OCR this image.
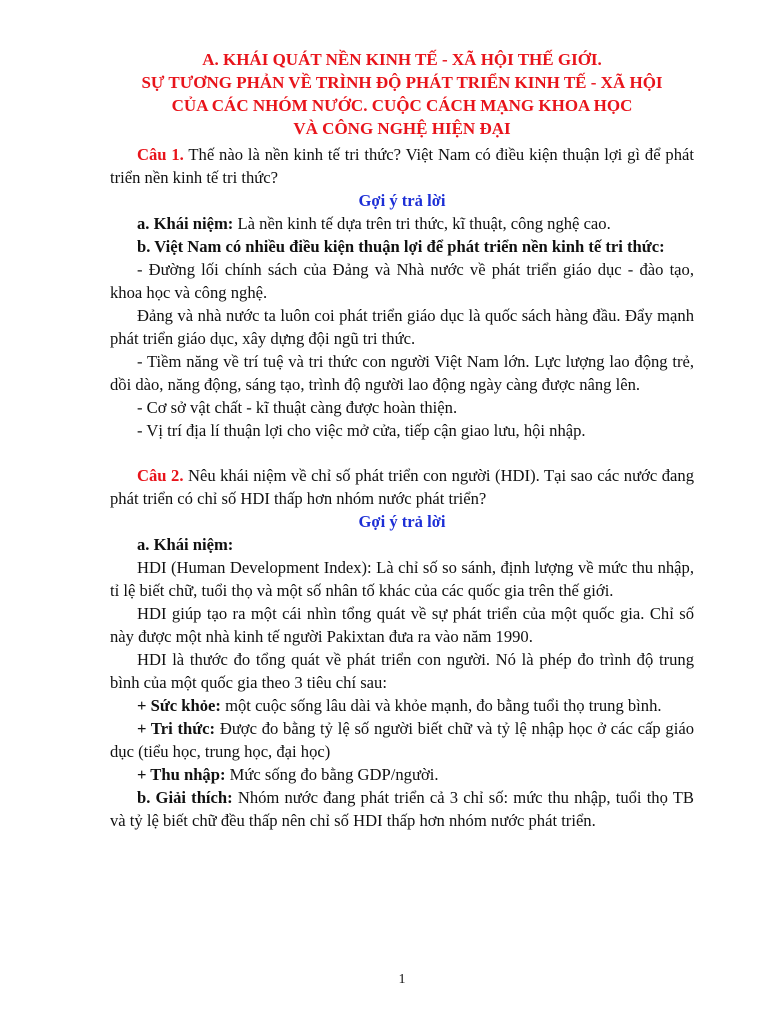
A. KHÁI QUÁT NỀN KINH TẾ - XÃ HỘI THẾ GIỚI.

SỰ TƯƠNG PHẢN VỀ TRÌNH ĐỘ PHÁT TRIỂN KINH TẾ - XÃ HỘI

CỦA CÁC NHÓM NƯỚC. CUỘC CÁCH MẠNG KHOA HỌC

VÀ CÔNG NGHỆ HIỆN ĐẠI

Câu 1. Thế nào là nền kinh tế tri thức? Việt Nam có điều kiện thuận lợi gì để phát triển nền kinh tế tri thức?

Gợi ý trả lời

a. Khái niệm: Là nền kinh tế dựa trên tri thức, kĩ thuật, công nghệ cao.

b. Việt Nam có nhiều điều kiện thuận lợi để phát triển nền kinh tế tri thức:

- Đường lối chính sách của Đảng và Nhà nước về phát triển giáo dục - đào tạo, khoa học và công nghệ.

Đảng và nhà nước ta luôn coi phát triển giáo dục là quốc sách hàng đầu. Đẩy mạnh phát triển giáo dục, xây dựng đội ngũ tri thức.

- Tiềm năng về trí tuệ và tri thức con người Việt Nam lớn. Lực lượng lao động trẻ, dồi dào, năng động, sáng tạo, trình độ người lao động ngày càng được nâng lên.

- Cơ sở vật chất - kĩ thuật càng được hoàn thiện.

- Vị trí địa lí thuận lợi cho việc mở cửa, tiếp cận giao lưu, hội nhập.

Câu 2. Nêu khái niệm về chỉ số phát triển con người (HDI). Tại sao các nước đang phát triển có chỉ số HDI thấp hơn nhóm nước phát triển?

Gợi ý trả lời

a. Khái niệm:

HDI (Human Development Index): Là chỉ số so sánh, định lượng về mức thu nhập, tỉ lệ biết chữ, tuổi thọ và một số nhân tố khác của các quốc gia trên thế giới.

HDI giúp tạo ra một cái nhìn tổng quát về sự phát triển của một quốc gia. Chỉ số này được một nhà kinh tế người Pakixtan đưa ra vào năm 1990.

HDI là thước đo tổng quát về phát triển con người. Nó là phép đo trình độ trung bình của một quốc gia theo 3 tiêu chí sau:

+ Sức khỏe: một cuộc sống lâu dài và khỏe mạnh, đo bằng tuổi thọ trung bình.

+ Tri thức: Được đo bằng tỷ lệ số người biết chữ và tỷ lệ nhập học ở các cấp giáo dục (tiểu học, trung học, đại học)

+ Thu nhập: Mức sống đo bằng GDP/người.

b. Giải thích: Nhóm nước đang phát triển cả 3 chỉ số: mức thu nhập, tuổi thọ TB và tỷ lệ biết chữ đều thấp nên chỉ số HDI thấp hơn nhóm nước phát triển.

1
